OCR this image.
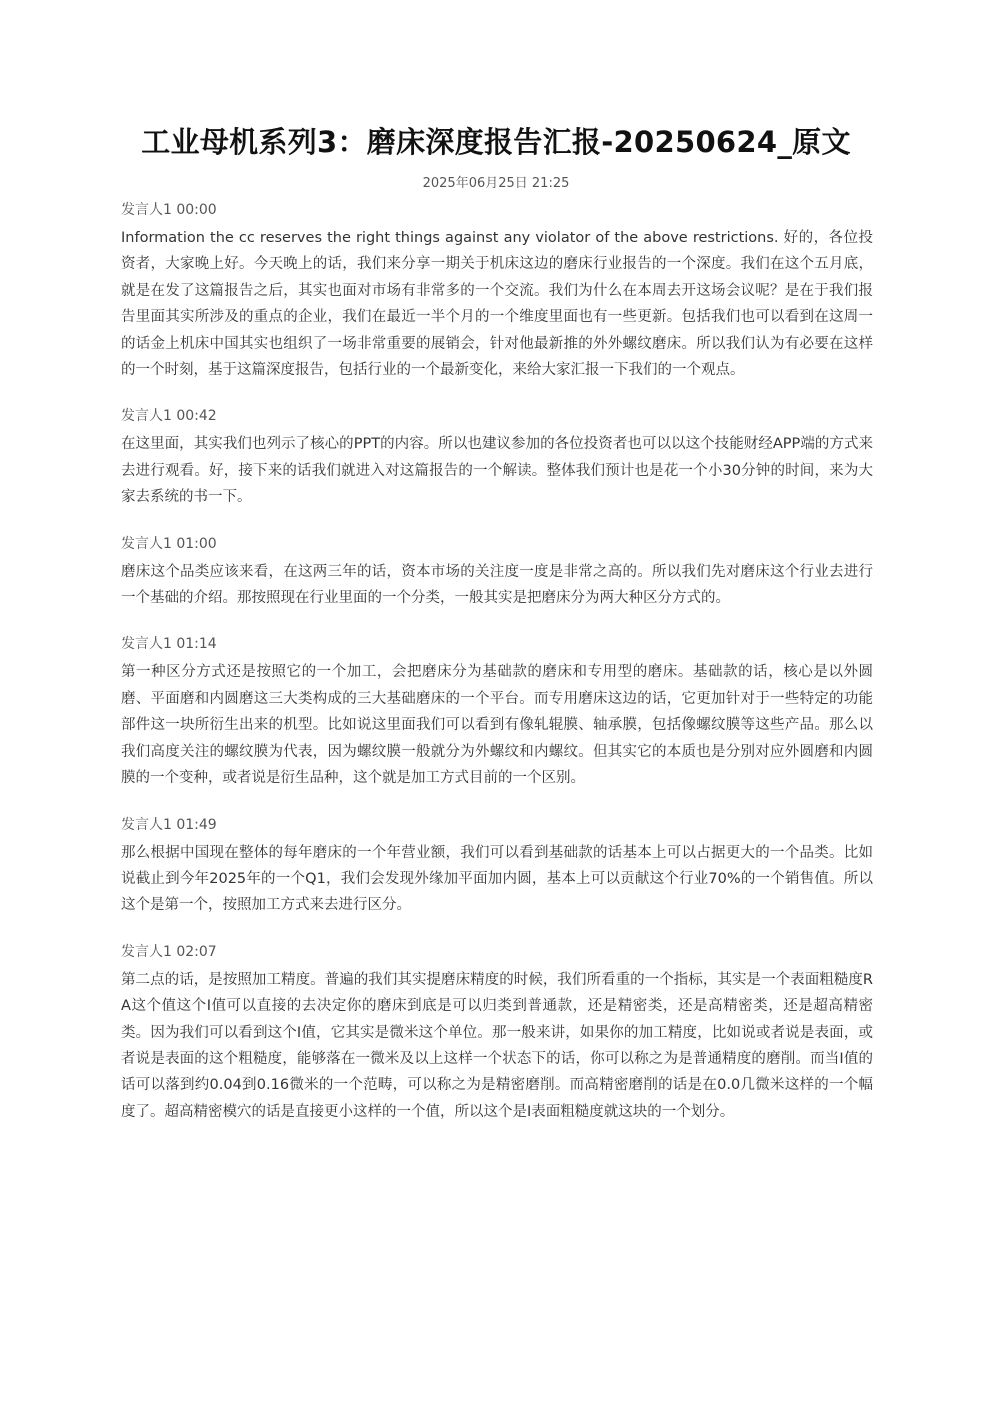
工业母机系列3：磨床深度报告汇报-20250624_原文
2025年06月25日 21:25
发言人1 00:00

Information the cc reserves the right things against any violator of the above restrictions. 好的，各位投资者，大家晚上好。今天晚上的话，我们来分享一期关于机床这边的磨床行业报告的一个深度。我们在这个五月底，就是在发了这篇报告之后，其实也面对市场有非常多的一个交流。我们为什么在本周去开这场会议呢？是在于我们报告里面其实所涉及的重点的企业，我们在最近一半个月的一个维度里面也有一些更新。包括我们也可以看到在这周一的话金上机床中国其实也组织了一场非常重要的展销会，针对他最新推的外外螺纹磨床。所以我们认为有必要在这样的一个时刻，基于这篇深度报告，包括行业的一个最新变化，来给大家汇报一下我们的一个观点。

发言人1 00:42

在这里面，其实我们也列示了核心的PPT的内容。所以也建议参加的各位投资者也可以以这个技能财经APP端的方式来去进行观看。好，接下来的话我们就进入对这篇报告的一个解读。整体我们预计也是花一个小30分钟的时间，来为大家去系统的书一下。

发言人1 01:00

磨床这个品类应该来看，在这两三年的话，资本市场的关注度一度是非常之高的。所以我们先对磨床这个行业去进行一个基础的介绍。那按照现在行业里面的一个分类，一般其实是把磨床分为两大种区分方式的。

发言人1 01:14

第一种区分方式还是按照它的一个加工，会把磨床分为基础款的磨床和专用型的磨床。基础款的话，核心是以外圆磨、平面磨和内圆磨这三大类构成的三大基础磨床的一个平台。而专用磨床这边的话，它更加针对于一些特定的功能部件这一块所衍生出来的机型。比如说这里面我们可以看到有像轧辊膜、轴承膜，包括像螺纹膜等这些产品。那么以我们高度关注的螺纹膜为代表，因为螺纹膜一般就分为外螺纹和内螺纹。但其实它的本质也是分别对应外圆磨和内圆膜的一个变种，或者说是衍生品种，这个就是加工方式目前的一个区别。

发言人1 01:49

那么根据中国现在整体的每年磨床的一个年营业额，我们可以看到基础款的话基本上可以占据更大的一个品类。比如说截止到今年2025年的一个Q1，我们会发现外缘加平面加内圆，基本上可以贡献这个行业70%的一个销售值。所以这个是第一个，按照加工方式来去进行区分。

发言人1 02:07

第二点的话，是按照加工精度。普遍的我们其实提磨床精度的时候，我们所看重的一个指标，其实是一个表面粗糙度RA这个值这个I值可以直接的去决定你的磨床到底是可以归类到普通款，还是精密类，还是高精密类，还是超高精密类。因为我们可以看到这个I值，它其实是微米这个单位。那一般来讲，如果你的加工精度，比如说或者说是表面，或者说是表面的这个粗糙度，能够落在一微米及以上这样一个状态下的话，你可以称之为是普通精度的磨削。而当I值的话可以落到约0.04到0.16微米的一个范畴，可以称之为是精密磨削。而高精密磨削的话是在0.0几微米这样的一个幅度了。超高精密模穴的话是直接更小这样的一个值，所以这个是I表面粗糙度就这块的一个划分。
